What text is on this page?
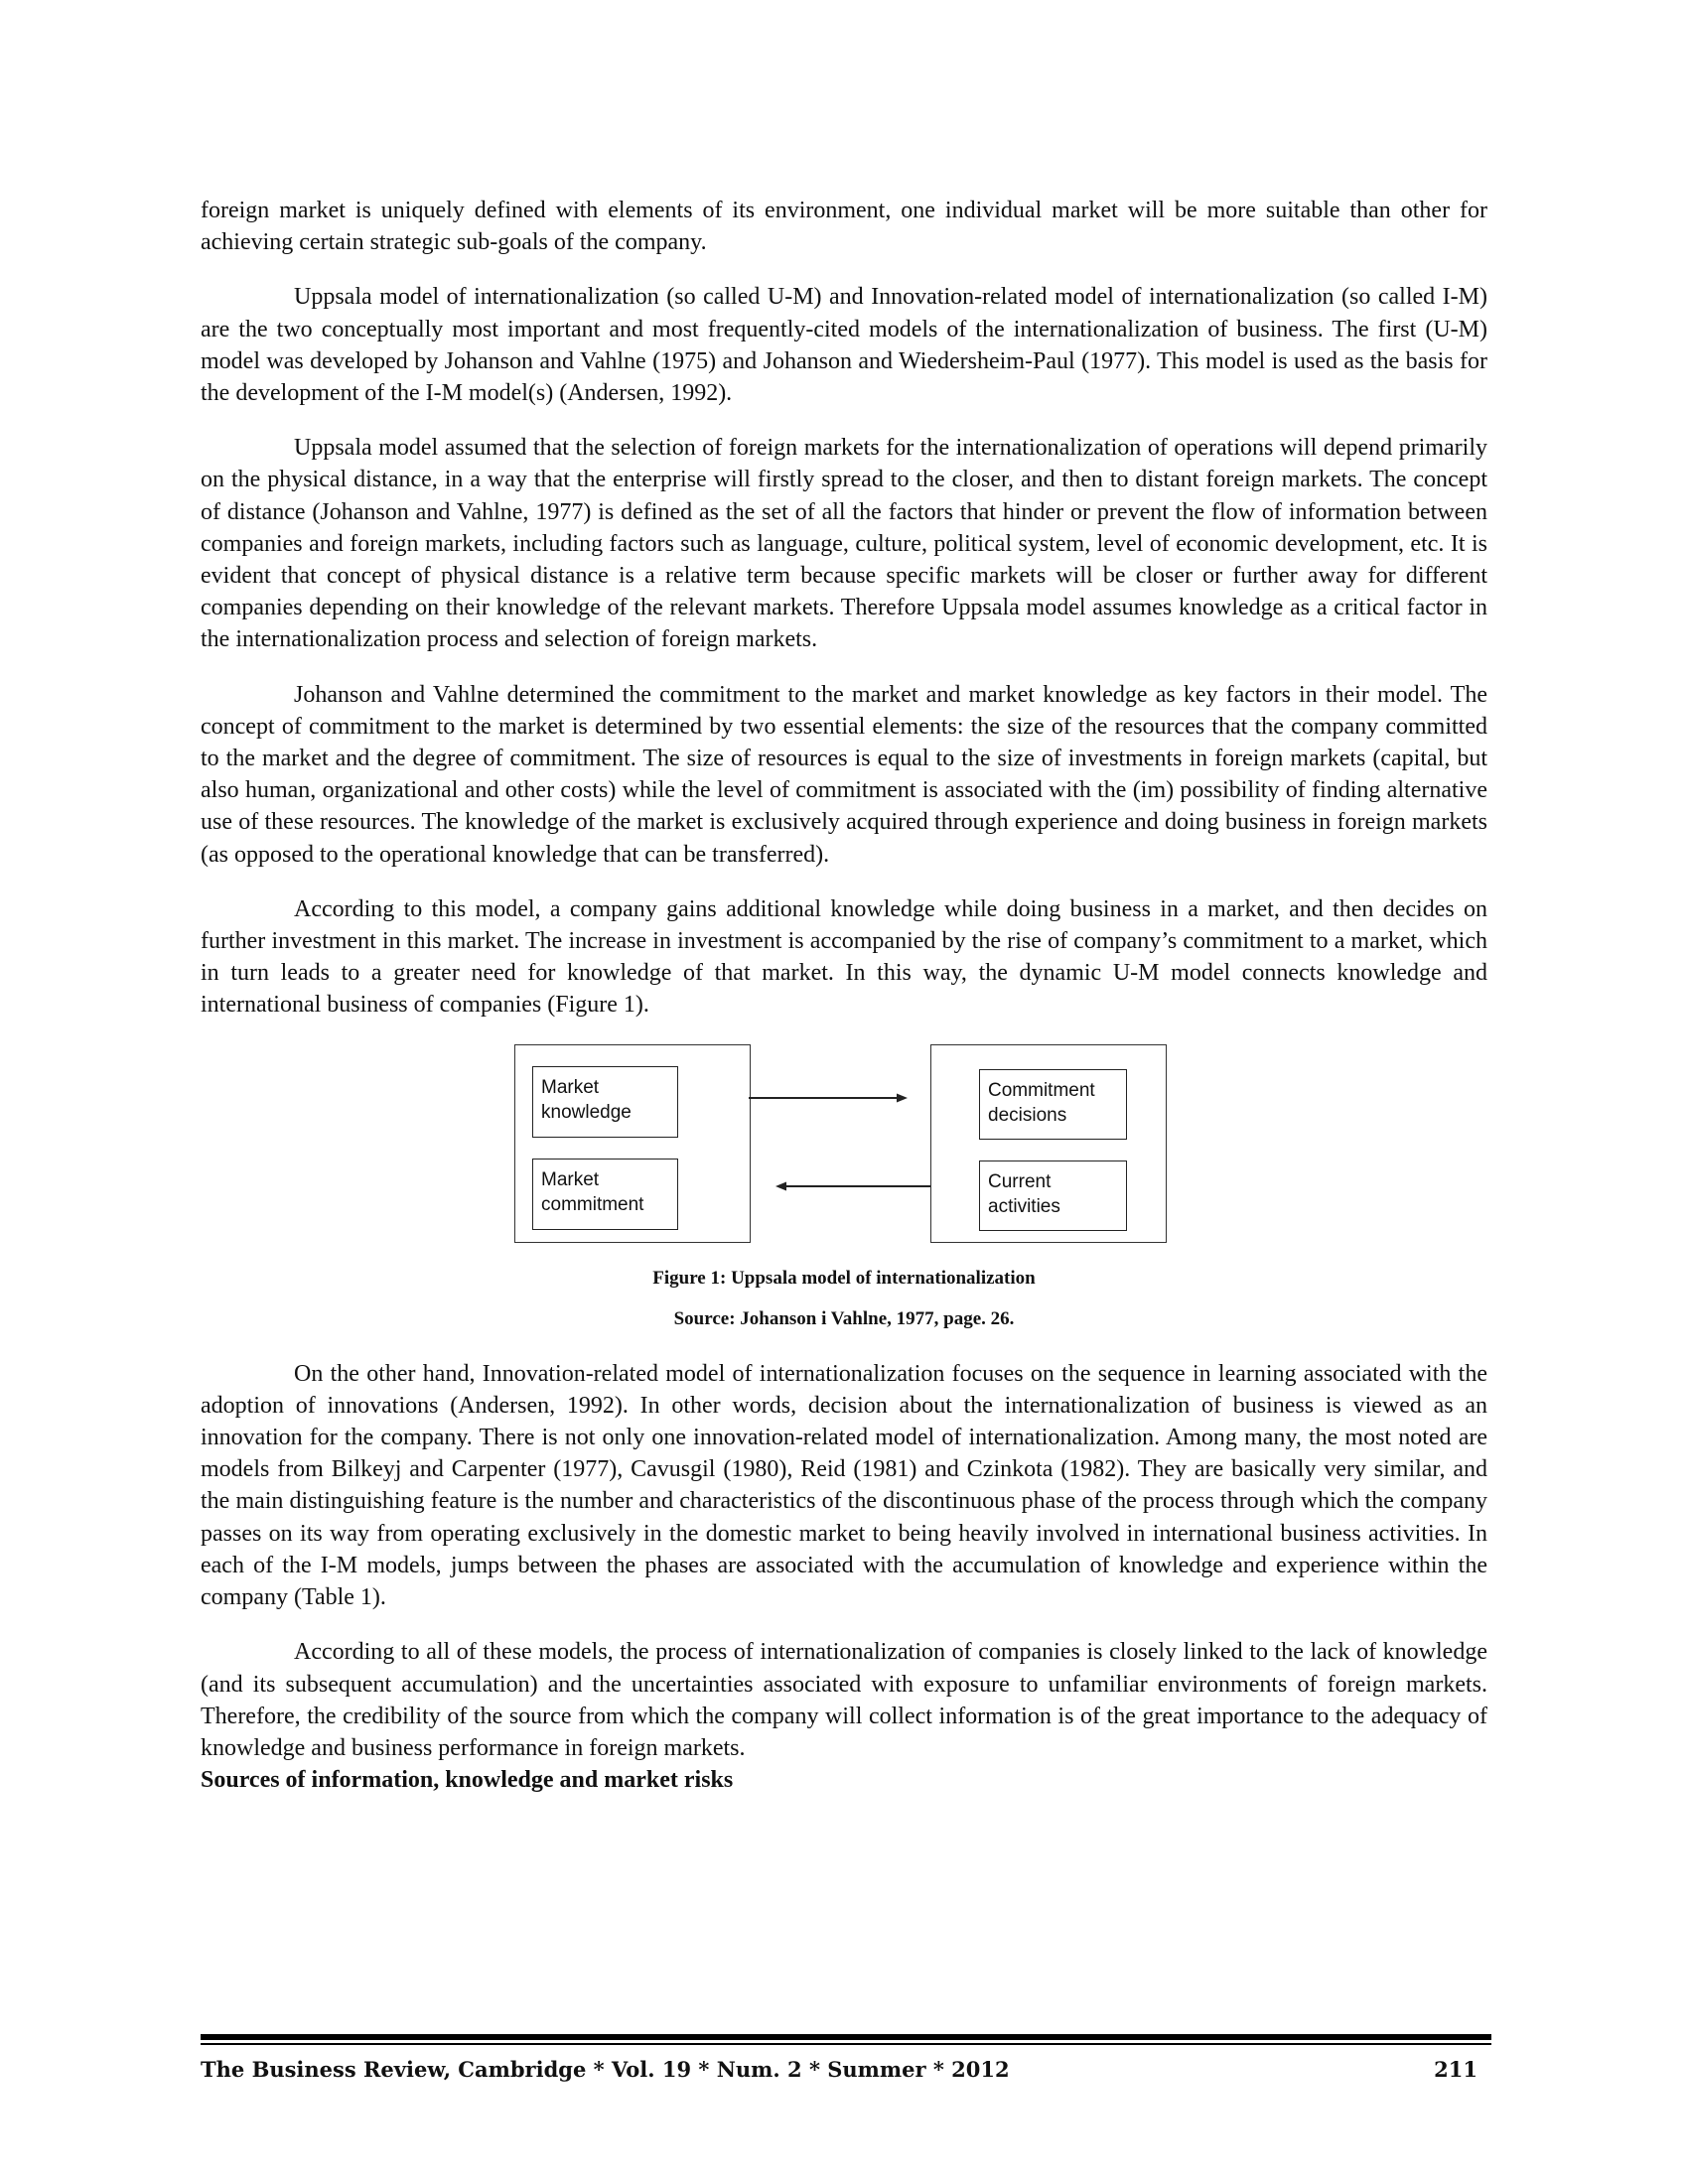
foreign market is uniquely defined with elements of its environment, one individual market will be more suitable than other for achieving certain strategic sub-goals of the company.

Uppsala model of internationalization (so called U-M) and Innovation-related model of internationalization (so called I-M) are the two conceptually most important and most frequently-cited models of the internationalization of business. The first (U-M) model was developed by Johanson and Vahlne (1975) and Johanson and Wiedersheim-Paul (1977). This model is used as the basis for the development of the I-M model(s) (Andersen, 1992).

Uppsala model assumed that the selection of foreign markets for the internationalization of operations will depend primarily on the physical distance, in a way that the enterprise will firstly spread to the closer, and then to distant foreign markets. The concept of distance (Johanson and Vahlne, 1977) is defined as the set of all the factors that hinder or prevent the flow of information between companies and foreign markets, including factors such as language, culture, political system, level of economic development, etc. It is evident that concept of physical distance is a relative term because specific markets will be closer or further away for different companies depending on their knowledge of the relevant markets. Therefore Uppsala model assumes knowledge as a critical factor in the internationalization process and selection of foreign markets.

Johanson and Vahlne determined the commitment to the market and market knowledge as key factors in their model. The concept of commitment to the market is determined by two essential elements: the size of the resources that the company committed to the market and the degree of commitment. The size of resources is equal to the size of investments in foreign markets (capital, but also human, organizational and other costs) while the level of commitment is associated with the (im) possibility of finding alternative use of these resources. The knowledge of the market is exclusively acquired through experience and doing business in foreign markets (as opposed to the operational knowledge that can be transferred).

According to this model, a company gains additional knowledge while doing business in a market, and then decides on further investment in this market. The increase in investment is accompanied by the rise of company’s commitment to a market, which in turn leads to a greater need for knowledge of that market. In this way, the dynamic U-M model connects knowledge and international business of companies (Figure 1).

Market
knowledge
Market
commitment
Commitment
decisions
Current
activities
Figure 1: Uppsala model of internationalization
Source: Johanson i Vahlne, 1977, page. 26.

On the other hand, Innovation-related model of internationalization focuses on the sequence in learning associated with the adoption of innovations (Andersen, 1992). In other words, decision about the internationalization of business is viewed as an innovation for the company. There is not only one innovation-related model of internationalization. Among many, the most noted are models from Bilkeyj and Carpenter (1977), Cavusgil (1980), Reid (1981) and Czinkota (1982). They are basically very similar, and the main distinguishing feature is the number and characteristics of the discontinuous phase of the process through which the company passes on its way from operating exclusively in the domestic market to being heavily involved in international business activities. In each of the I-M models, jumps between the phases are associated with the accumulation of knowledge and experience within the company (Table 1).

According to all of these models, the process of internationalization of companies is closely linked to the lack of knowledge (and its subsequent accumulation) and the uncertainties associated with exposure to unfamiliar environments of foreign markets. Therefore, the credibility of the source from which the company will collect information is of the great importance to the adequacy of knowledge and business performance in foreign markets.

Sources of information, knowledge and market risks
The Business Review, Cambridge * Vol. 19 * Num. 2 * Summer * 2012	211
